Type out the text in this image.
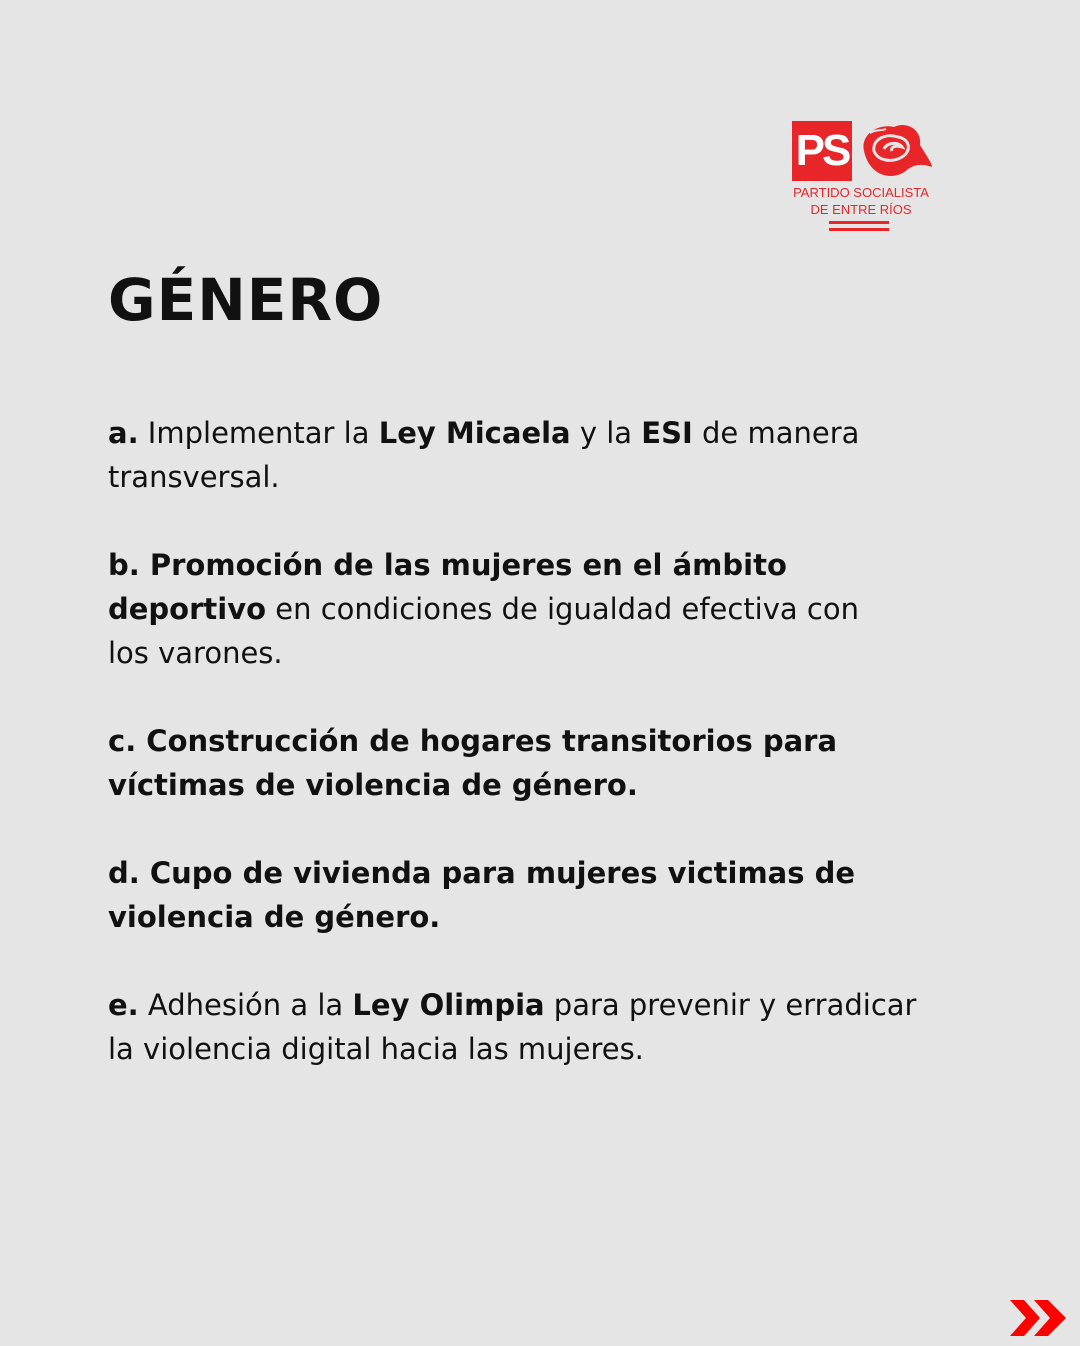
PS
PARTIDO SOCIALISTA
DE ENTRE RÍOS
GÉNERO
a. Implementar la Ley Micaela y la ESI de manera
transversal.
b. Promoción de las mujeres en el ámbito
deportivo en condiciones de igualdad efectiva con
los varones.
c. Construcción de hogares transitorios para
víctimas de violencia de género.
d. Cupo de vivienda para mujeres victimas de
violencia de género.
e. Adhesión a la Ley Olimpia para prevenir y erradicar
la violencia digital hacia las mujeres.
